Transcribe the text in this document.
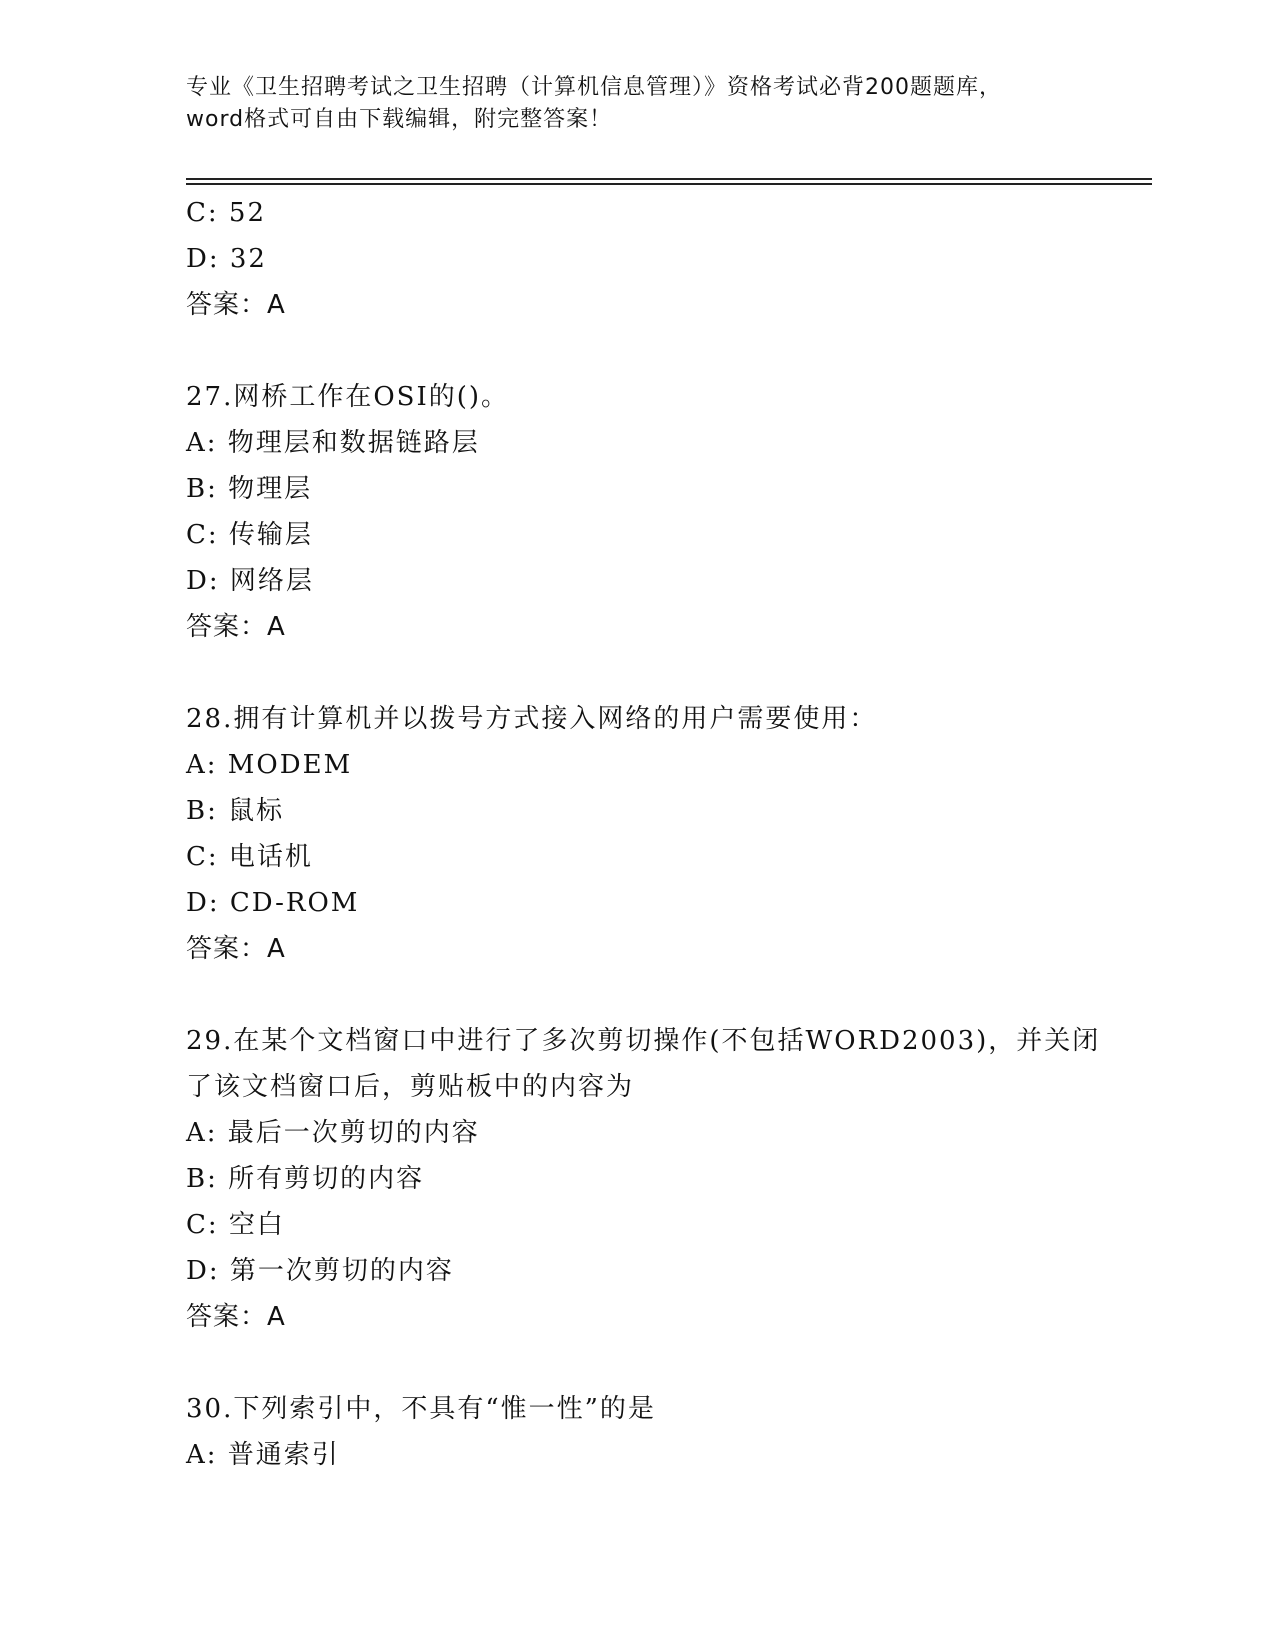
专业《卫生招聘考试之卫生招聘（计算机信息管理）》资格考试必背200题题库，
word格式可自由下载编辑，附完整答案！
C: 52
D: 32
答案：A
27.网桥工作在OSI的()。
A: 物理层和数据链路层
B: 物理层
C: 传输层
D: 网络层
答案：A
28.拥有计算机并以拨号方式接入网络的用户需要使用：
A: MODEM
B: 鼠标
C: 电话机
D: CD-ROM
答案：A
29.在某个文档窗口中进行了多次剪切操作(不包括WORD2003)，并关闭
了该文档窗口后，剪贴板中的内容为
A: 最后一次剪切的内容
B: 所有剪切的内容
C: 空白
D: 第一次剪切的内容
答案：A
30.下列索引中，不具有“惟一性”的是
A: 普通索引
